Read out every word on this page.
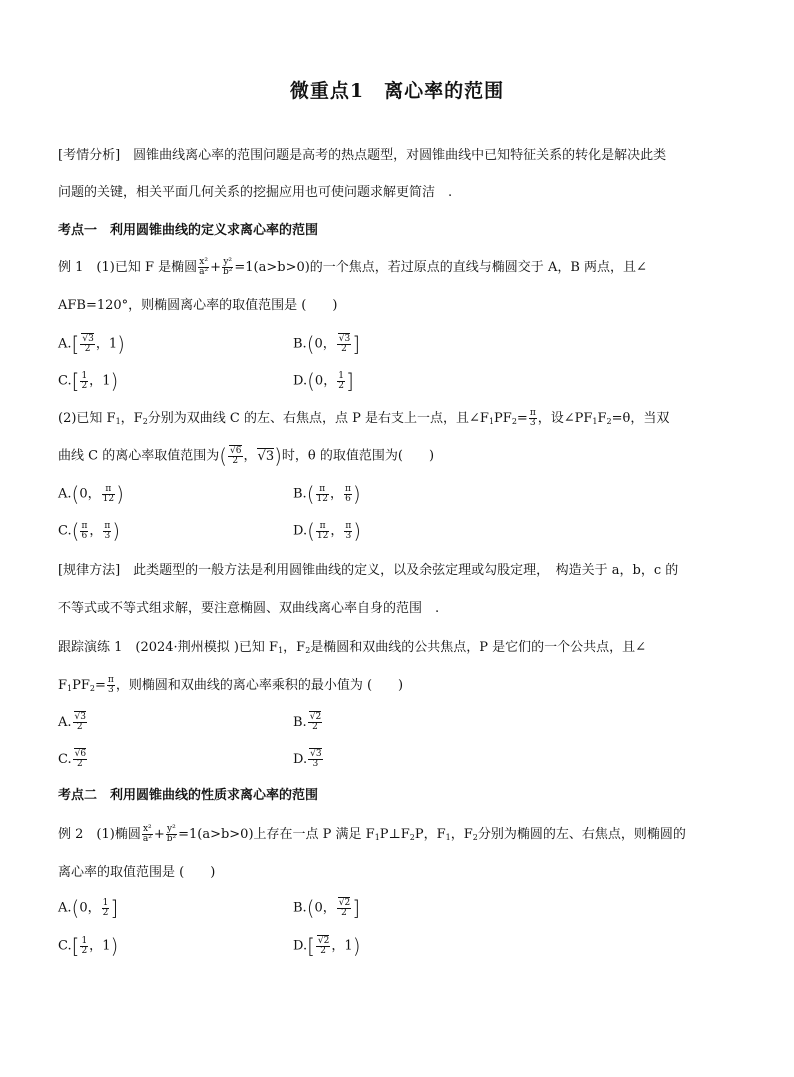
微重点1　离心率的范围
[考情分析]　圆锥曲线离心率的范围问题是高考的热点题型，对圆锥曲线中已知特征关系的转化是解决此类
问题的关键，相关平面几何关系的挖掘应用也可使问题求解更简洁　.
考点一　利用圆锥曲线的定义求离心率的范围
例 1　(1)已知 F 是椭圆 $\frac{\text{x²}}{\text{a²}} + \frac{\text{y²}}{\text{b²}} =1(a>b>0)$的一个焦点，若过原点的直线与椭圆交于 A，B 两点，且∠
AFB=120°，则椭圆离心率的取值范围是 (　　)
A.[ √ $\frac{3}{2}$ ，1)	B.(0， √ $\frac{3}{2}$ ]
$C.[ \frac{1}{2}$ ，1)	D.(0， $\frac{1}{2}$ ]
(2)已知 $F_1$，$F_2$分别为双曲线 C 的左、右焦点，点 P 是右支上一点，且$\angle F_1PF_2= \frac{\pi}{3}$ ，设$\angle PF_1F_2=\theta$，当双
曲线 C 的离心率取值范围为( √ $\frac{6}{2}$ ， √ 3)时，θ 的取值范围为(　　)
A.(0， $\frac{\pi}{12}$ )	$B.( \frac{\pi}{12}$ ， $\frac{\pi}{6}$ )
$C.( \frac{\pi}{6}$ ， $\frac{\pi}{3}$ )	$D.( \frac{\pi}{12}$ ， $\frac{\pi}{3}$ )
[规律方法]　此类题型的一般方法是利用圆锥曲线的定义，以及余弦定理或勾股定理，　构造关于 a，b，c 的
不等式或不等式组求解，要注意椭圆、双曲线离心率自身的范围　.
跟踪演练 1　(2024·荆州模拟 )已知 $F_1$，$F_2$是椭圆和双曲线的公共焦点，P 是它们的一个公共点，且∠
$F_1PF_2= \frac{\pi}{3}$ ，则椭圆和双曲线的离心率乘积的最小值为 (　　)
A. √ $\frac{3}{2}$	B. √ $\frac{2}{2}$
C. √ $\frac{6}{2}$	D. √ $\frac{3}{3}$
考点二　利用圆锥曲线的性质求离心率的范围
例 2　(1)椭圆 $\frac{\text{x²}}{\text{a²}} + \frac{\text{y²}}{\text{b²}} =1(a>b>0)$上存在一点 P 满足 $F_1P\perp F_2P$，$F_1$，$F_2$分别为椭圆的左、右焦点，则椭圆的
离心率的取值范围是 (　　)
A.(0， $\frac{1}{2}$ ]	B.(0， √ $\frac{2}{2}$ ]
$C.[ \frac{1}{2}$ ，1)	D.[ √ $\frac{2}{2}$ ，1)
